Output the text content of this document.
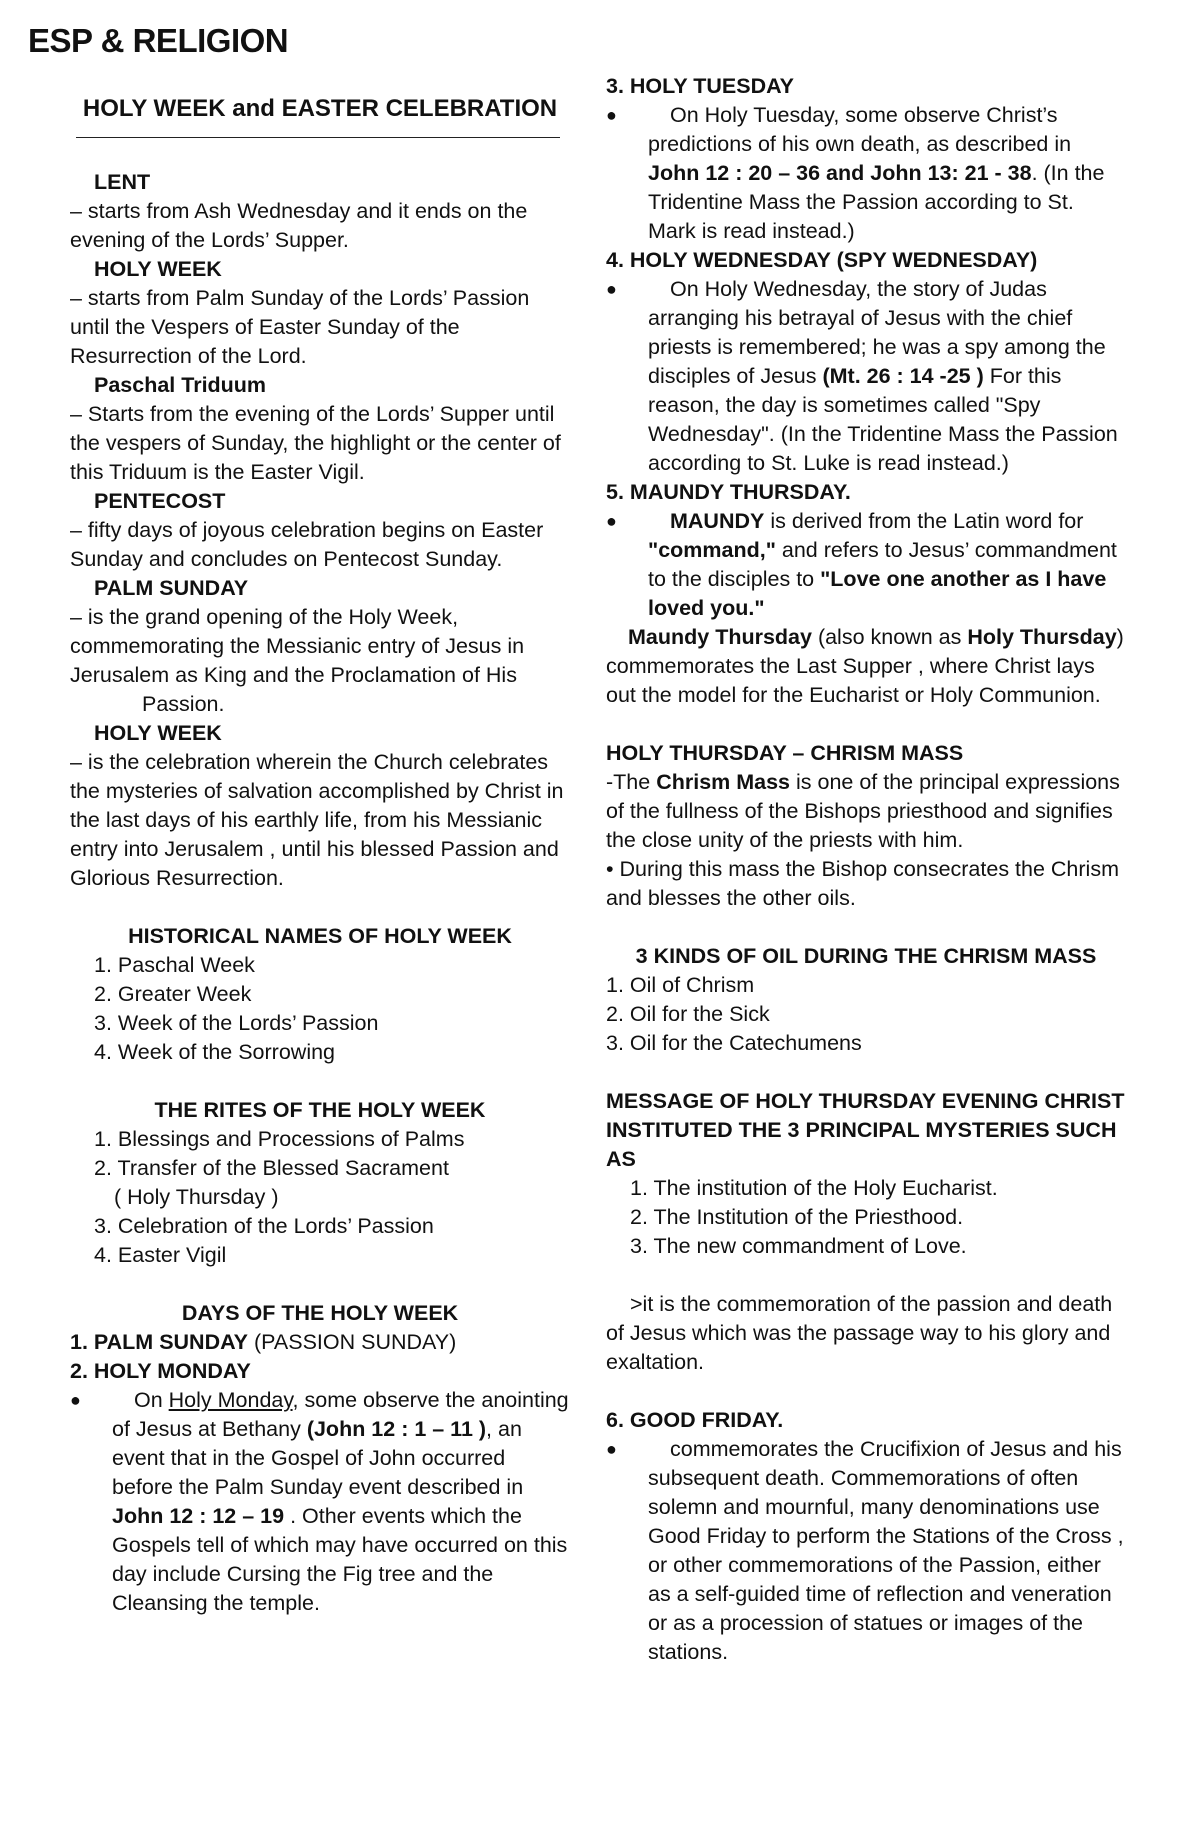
ESP & RELIGION
HOLY WEEK and EASTER CELEBRATION

LENT

– starts from Ash Wednesday and it ends on the evening of the Lords’ Supper.

HOLY WEEK

– starts from Palm Sunday of the Lords’ Passion until the Vespers of Easter Sunday of the Resurrection of the Lord.

Paschal Triduum

– Starts from the evening of the Lords’ Supper until the vespers of Sunday, the highlight or the center of this Triduum is the Easter Vigil.

PENTECOST

– fifty days of joyous celebration begins on Easter Sunday and concludes on Pentecost Sunday.

PALM SUNDAY

– is the grand opening of the Holy Week, commemorating the Messianic entry of Jesus in Jerusalem as King and the Proclamation of His

Passion.

HOLY WEEK

– is the celebration wherein the Church celebrates the mysteries of salvation accomplished by Christ in the last days of his earthly life, from his Messianic entry into Jerusalem , until his blessed Passion and Glorious Resurrection.

HISTORICAL NAMES OF HOLY WEEK

1. Paschal Week

2. Greater Week

3. Week of the Lords’ Passion

4. Week of the Sorrowing

THE RITES OF THE HOLY WEEK

1. Blessings and Processions of Palms

2. Transfer of the Blessed Sacrament

( Holy Thursday )

3. Celebration of the Lords’ Passion

4. Easter Vigil

DAYS OF THE HOLY WEEK

1. PALM SUNDAY (PASSION SUNDAY)

2. HOLY MONDAY

●	On Holy Monday, some observe the anointing of Jesus at Bethany (John 12 : 1 – 11 ), an event that in the Gospel of John occurred before the Palm Sunday event described in John 12 : 12 – 19 . Other events which the Gospels tell of which may have occurred on this day include Cursing the Fig tree and the Cleansing the temple.

3. HOLY TUESDAY

●	On Holy Tuesday, some observe Christ’s predictions of his own death, as described in John 12 : 20 – 36 and John 13: 21 - 38. (In the Tridentine Mass the Passion according to St. Mark is read instead.)

4. HOLY WEDNESDAY (SPY WEDNESDAY)

●	On Holy Wednesday, the story of Judas arranging his betrayal of Jesus with the chief priests is remembered; he was a spy among the disciples of Jesus (Mt. 26 : 14 -25 ) For this reason, the day is sometimes called "Spy Wednesday". (In the Tridentine Mass the Passion according to St. Luke is read instead.)

5. MAUNDY THURSDAY.

●	MAUNDY is derived from the Latin word for "command," and refers to Jesus’ commandment to the disciples to "Love one another as I have loved you."

Maundy Thursday (also known as Holy Thursday) commemorates the Last Supper , where Christ lays out the model for the Eucharist or Holy Communion.

HOLY THURSDAY – CHRISM MASS

-The Chrism Mass is one of the principal expressions of the fullness of the Bishops priesthood and signifies the close unity of the priests with him.

• During this mass the Bishop consecrates the Chrism and blesses the other oils.

3 KINDS OF OIL DURING THE CHRISM MASS

1. Oil of Chrism

2. Oil for the Sick

3. Oil for the Catechumens

MESSAGE OF HOLY THURSDAY EVENING CHRIST INSTITUTED THE 3 PRINCIPAL MYSTERIES SUCH AS

1. The institution of the Holy Eucharist.

2. The Institution of the Priesthood.

3. The new commandment of Love.

>it is the commemoration of the passion and death of Jesus which was the passage way to his glory and exaltation.

6. GOOD FRIDAY.

●	commemorates the Crucifixion of Jesus and his subsequent death. Commemorations of often solemn and mournful, many denominations use Good Friday to perform the Stations of the Cross , or other commemorations of the Passion, either as a self-guided time of reflection and veneration or as a procession of statues or images of the stations.
